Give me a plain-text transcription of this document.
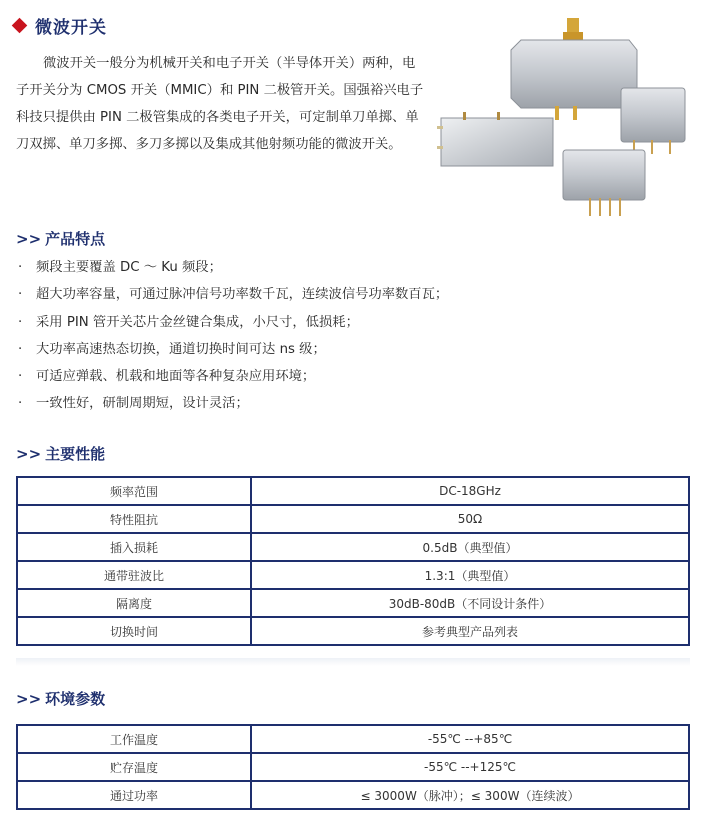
微波开关

微波开关一般分为机械开关和电子开关（半导体开关）两种，电子开关分为 CMOS 开关（MMIC）和 PIN 二极管开关。国强裕兴电子科技只提供由 PIN 二极管集成的各类电子开关，可定制单刀单掷、单刀双掷、单刀多掷、多刀多掷以及集成其他射频功能的微波开关。

>> 产品特点
·	频段主要覆盖 DC ～ Ku 频段；
·	超大功率容量，可通过脉冲信号功率数千瓦，连续波信号功率数百瓦；
·	采用 PIN 管开关芯片金丝键合集成，小尺寸，低损耗；
·	大功率高速热态切换，通道切换时间可达 ns 级；
·	可适应弹载、机载和地面等各种复杂应用环境；
·	一致性好，研制周期短，设计灵活；
>> 主要性能
频率范围	DC-18GHz
特性阻抗	50Ω
插入损耗	0.5dB（典型值）
通带驻波比	1.3:1（典型值）
隔离度	30dB-80dB（不同设计条件）
切换时间	参考典型产品列表
>> 环境参数
工作温度	-55℃ --+85℃
贮存温度	-55℃ --+125℃
通过功率	≤ 3000W（脉冲）；≤ 300W（连续波）
